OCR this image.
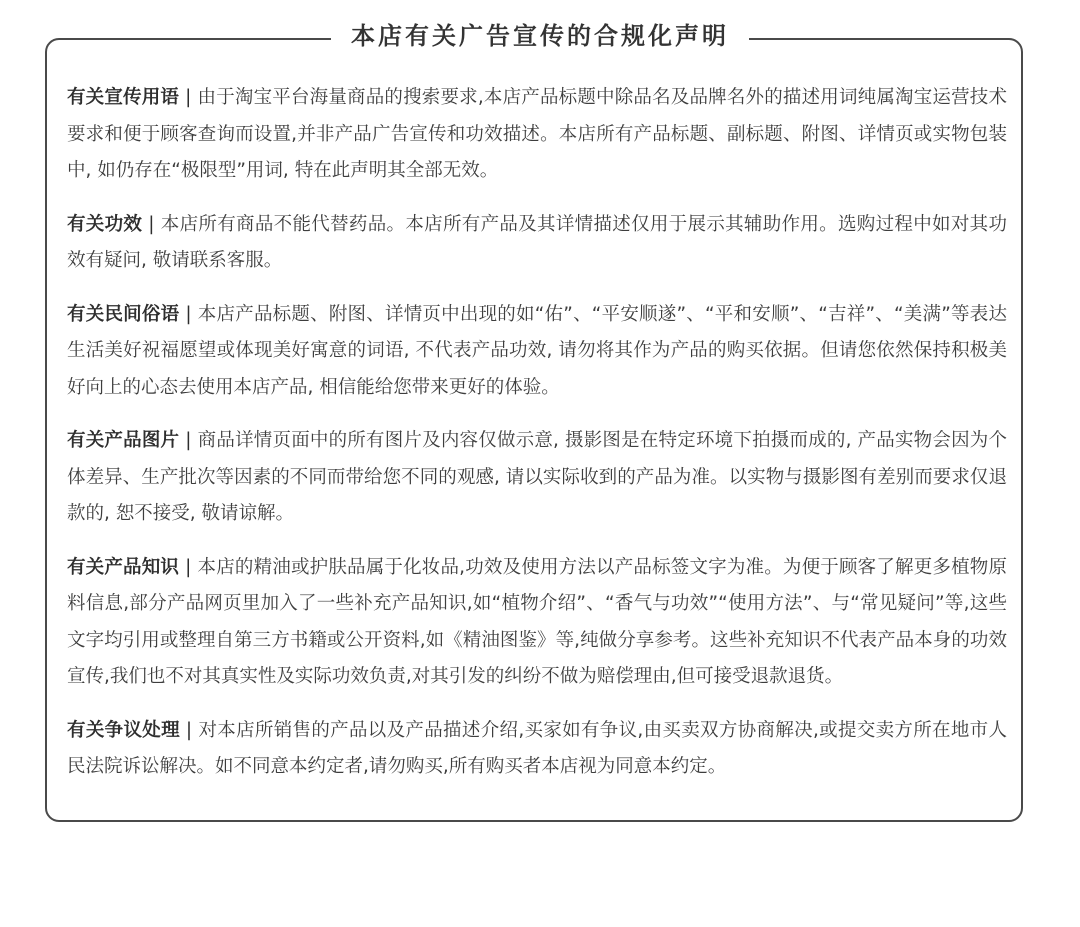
本店有关广告宣传的合规化声明

有关宣传用语 | 由于淘宝平台海量商品的搜索要求,本店产品标题中除品名及品牌名外的描述用词纯属淘宝运营技术要求和便于顾客查询而设置,并非产品广告宣传和功效描述。本店所有产品标题、副标题、附图、详情页或实物包装中, 如仍存在“极限型”用词, 特在此声明其全部无效。

有关功效 | 本店所有商品不能代替药品。本店所有产品及其详情描述仅用于展示其辅助作用。选购过程中如对其功效有疑问, 敬请联系客服。

有关民间俗语 | 本店产品标题、附图、详情页中出现的如“佑”、“平安顺遂”、“平和安顺”、“吉祥”、“美满”等表达生活美好祝福愿望或体现美好寓意的词语, 不代表产品功效, 请勿将其作为产品的购买依据。但请您依然保持积极美好向上的心态去使用本店产品, 相信能给您带来更好的体验。

有关产品图片 | 商品详情页面中的所有图片及内容仅做示意, 摄影图是在特定环境下拍摄而成的, 产品实物会因为个体差异、生产批次等因素的不同而带给您不同的观感, 请以实际收到的产品为准。以实物与摄影图有差别而要求仅退款的, 恕不接受, 敬请谅解。

有关产品知识 | 本店的精油或护肤品属于化妆品,功效及使用方法以产品标签文字为准。为便于顾客了解更多植物原料信息,部分产品网页里加入了一些补充产品知识,如“植物介绍”、“香气与功效”“使用方法”、与“常见疑问”等,这些文字均引用或整理自第三方书籍或公开资料,如《精油图鉴》等,纯做分享参考。这些补充知识不代表产品本身的功效宣传,我们也不对其真实性及实际功效负责,对其引发的纠纷不做为赔偿理由,但可接受退款退货。

有关争议处理 | 对本店所销售的产品以及产品描述介绍,买家如有争议,由买卖双方协商解决,或提交卖方所在地市人民法院诉讼解决。如不同意本约定者,请勿购买,所有购买者本店视为同意本约定。
